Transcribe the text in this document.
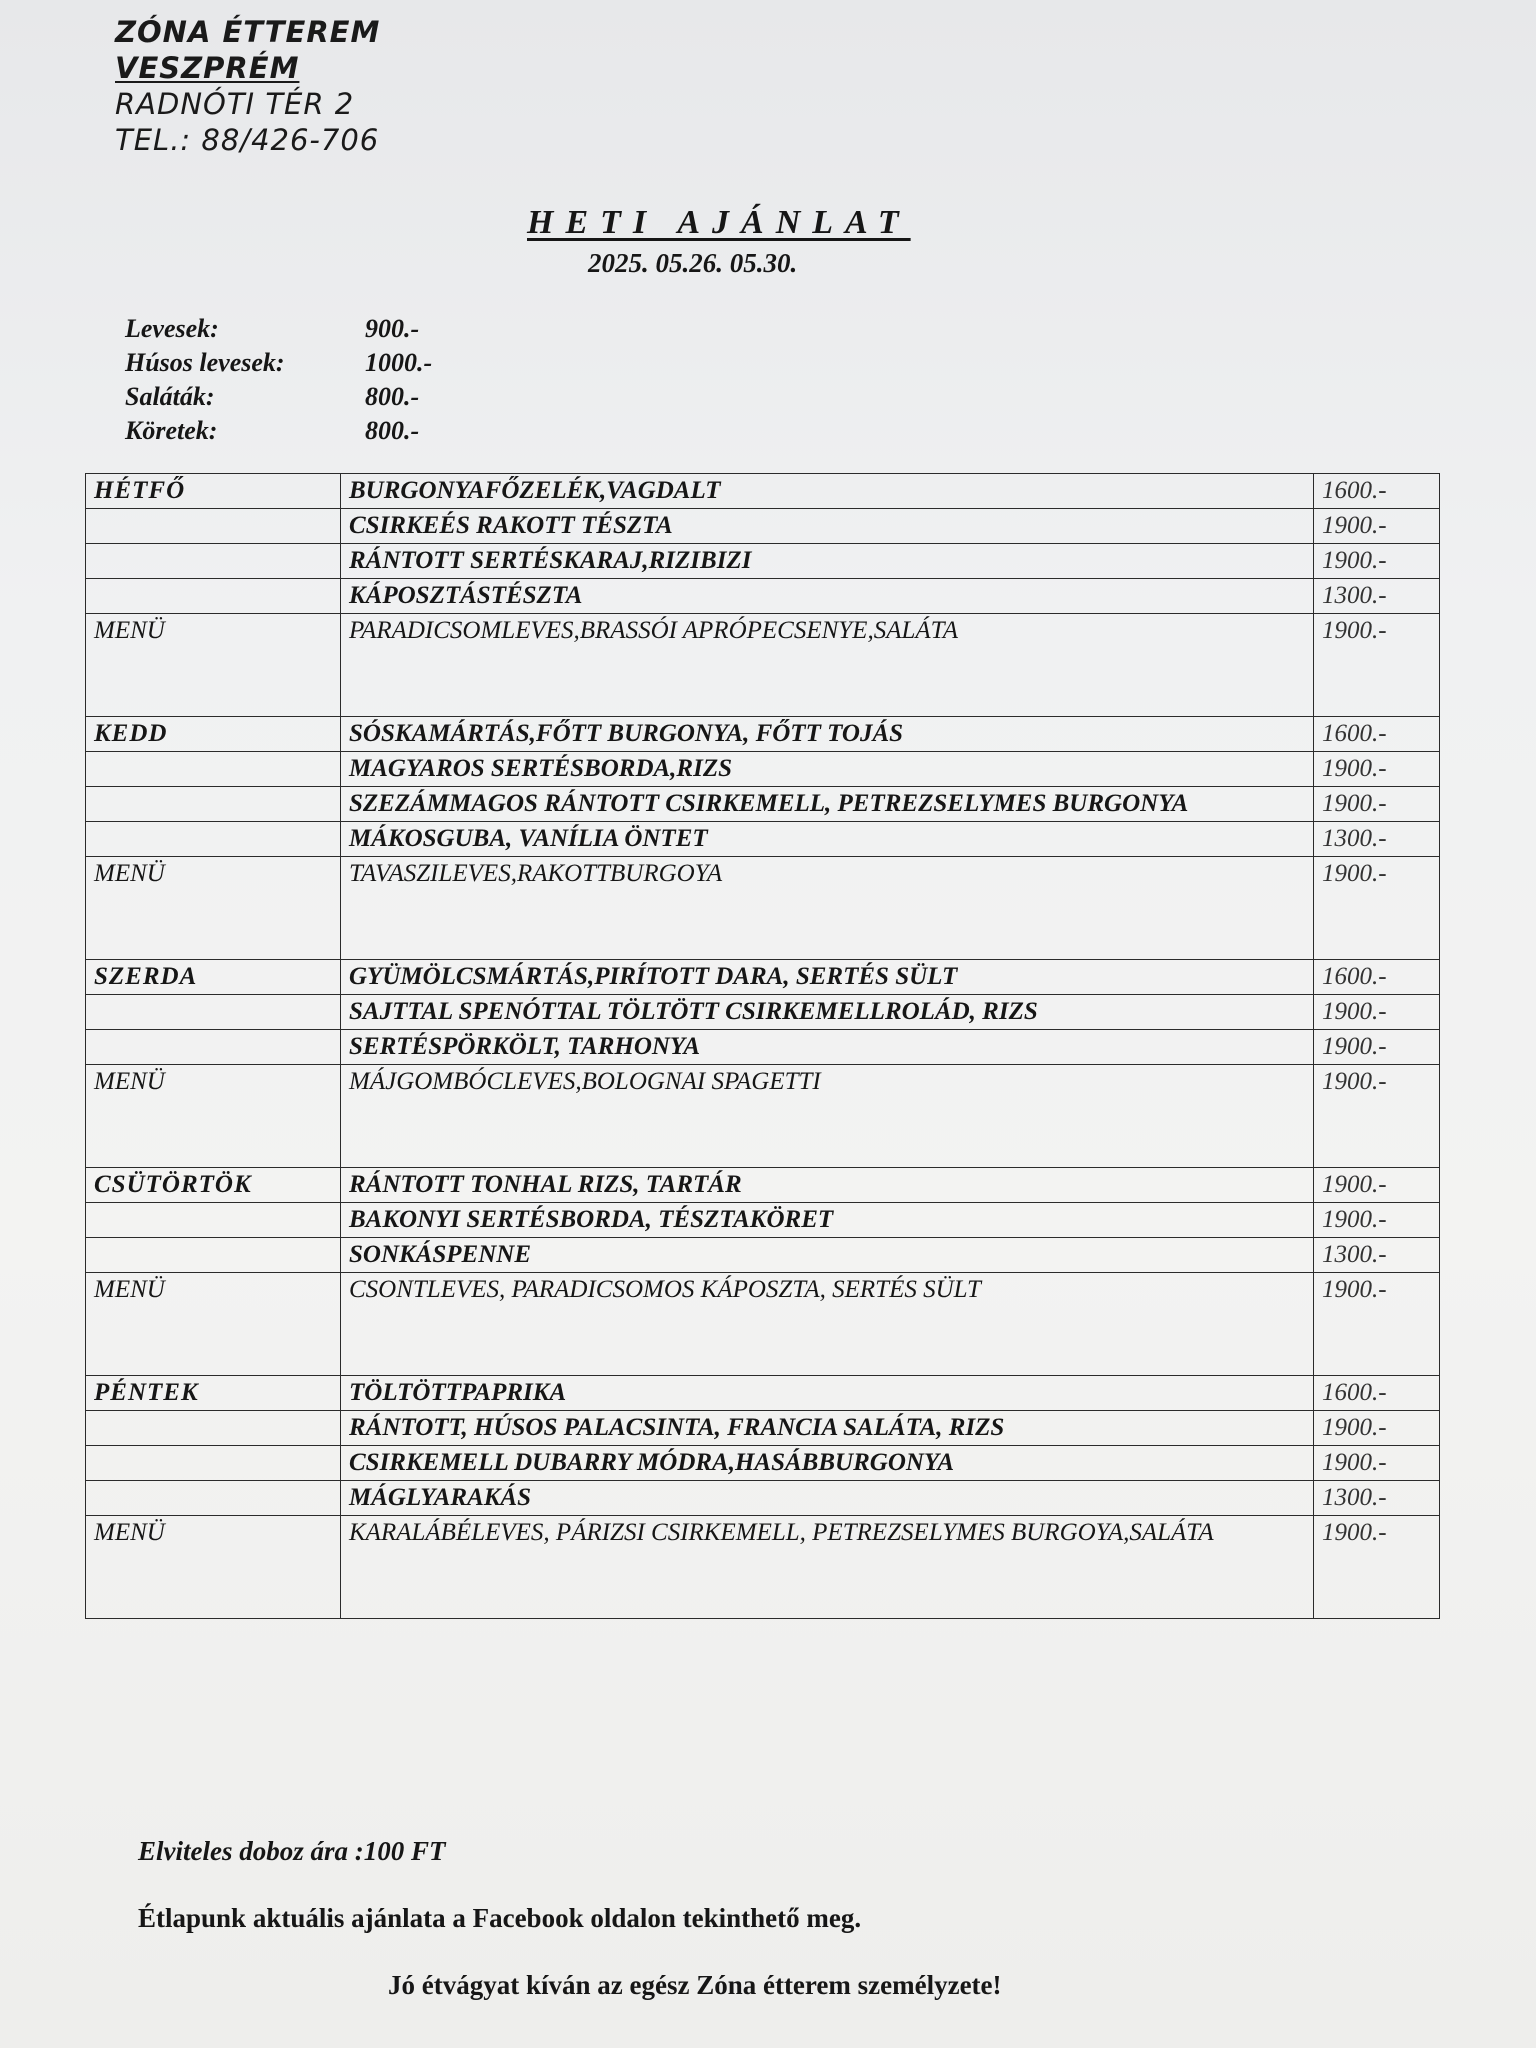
ZÓNA ÉTTEREM
VESZPRÉM
RADNÓTI TÉR 2
TEL.: 88/426-706
HETI AJÁNLAT
2025. 05.26. 05.30.
Levesek:	900.-
Húsos levesek:	1000.-
Saláták:	800.-
Köretek:	800.-
HÉTFŐ	BURGONYAFŐZELÉK,VAGDALT	1600.-
	CSIRKEÉS RAKOTT TÉSZTA	1900.-
	RÁNTOTT SERTÉSKARAJ,RIZIBIZI	1900.-
	KÁPOSZTÁSTÉSZTA	1300.-
MENÜ	PARADICSOMLEVES,BRASSÓI APRÓPECSENYE,SALÁTA	1900.-
KEDD	SÓSKAMÁRTÁS,FŐTT BURGONYA, FŐTT TOJÁS	1600.-
	MAGYAROS SERTÉSBORDA,RIZS	1900.-
	SZEZÁMMAGOS RÁNTOTT CSIRKEMELL, PETREZSELYMES BURGONYA	1900.-
	MÁKOSGUBA, VANÍLIA ÖNTET	1300.-
MENÜ	TAVASZILEVES,RAKOTTBURGOYA	1900.-
SZERDA	GYÜMÖLCSMÁRTÁS,PIRÍTOTT DARA, SERTÉS SÜLT	1600.-
	SAJTTAL SPENÓTTAL TÖLTÖTT CSIRKEMELLROLÁD, RIZS	1900.-
	SERTÉSPÖRKÖLT, TARHONYA	1900.-
MENÜ	MÁJGOMBÓCLEVES,BOLOGNAI SPAGETTI	1900.-
CSÜTÖRTÖK	RÁNTOTT TONHAL RIZS, TARTÁR	1900.-
	BAKONYI SERTÉSBORDA, TÉSZTAKÖRET	1900.-
	SONKÁSPENNE	1300.-
MENÜ	CSONTLEVES, PARADICSOMOS KÁPOSZTA, SERTÉS SÜLT	1900.-
PÉNTEK	TÖLTÖTTPAPRIKA	1600.-
	RÁNTOTT, HÚSOS PALACSINTA, FRANCIA SALÁTA, RIZS	1900.-
	CSIRKEMELL DUBARRY MÓDRA,HASÁBBURGONYA	1900.-
	MÁGLYARAKÁS	1300.-
MENÜ	KARALÁBÉLEVES, PÁRIZSI CSIRKEMELL, PETREZSELYMES BURGOYA,SALÁTA	1900.-
Elviteles doboz ára :100 FT
Étlapunk aktuális ajánlata a Facebook oldalon tekinthető meg.
Jó étvágyat kíván az egész Zóna étterem személyzete!
